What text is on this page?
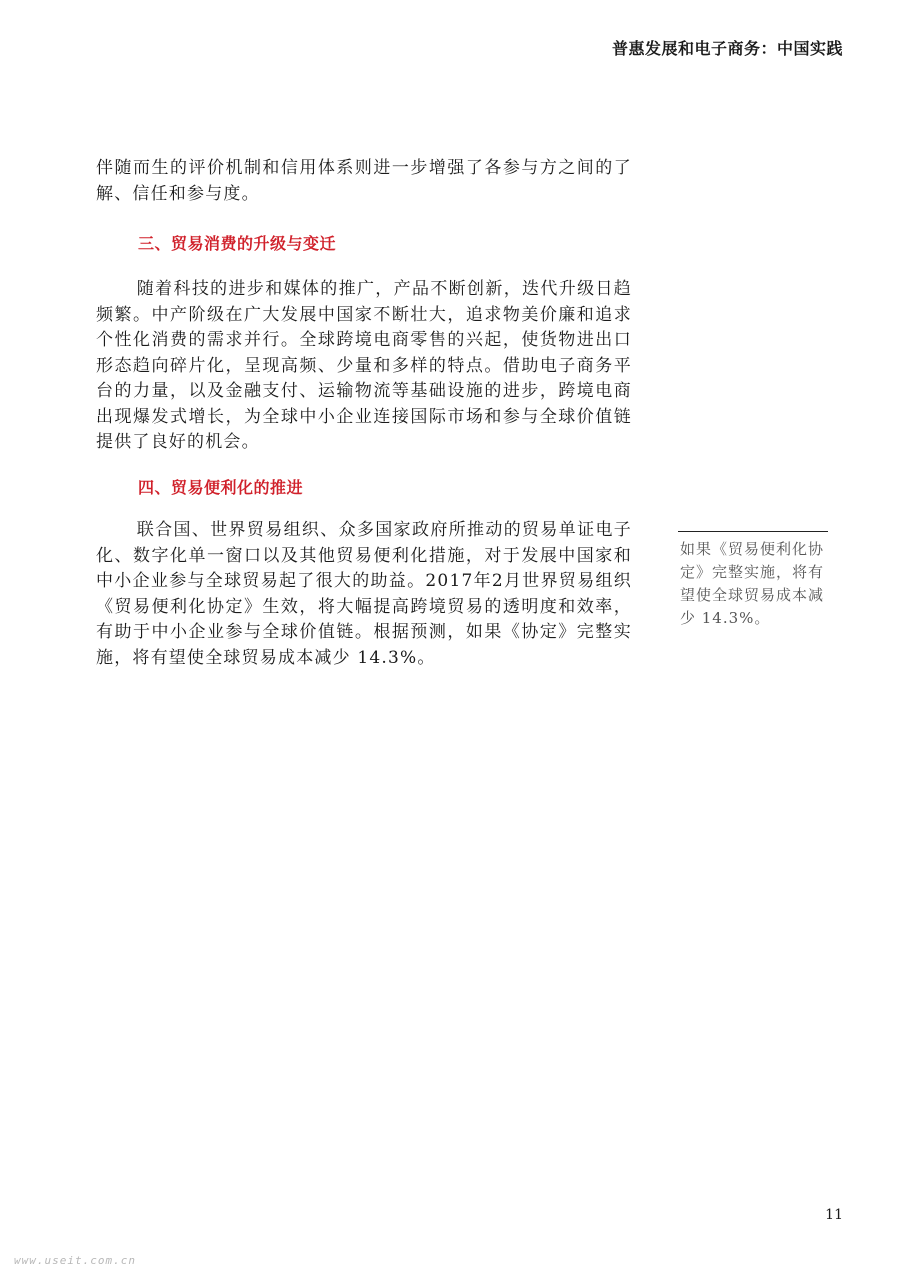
普惠发展和电子商务：中国实践

伴随而生的评价机制和信用体系则进一步增强了各参与方之间的了解、信任和参与度。

三、贸易消费的升级与变迁

随着科技的进步和媒体的推广，产品不断创新，迭代升级日趋频繁。中产阶级在广大发展中国家不断壮大，追求物美价廉和追求个性化消费的需求并行。全球跨境电商零售的兴起，使货物进出口形态趋向碎片化，呈现高频、少量和多样的特点。借助电子商务平台的力量，以及金融支付、运输物流等基础设施的进步，跨境电商出现爆发式增长，为全球中小企业连接国际市场和参与全球价值链提供了良好的机会。

四、贸易便利化的推进

联合国、世界贸易组织、众多国家政府所推动的贸易单证电子化、数字化单一窗口以及其他贸易便利化措施，对于发展中国家和中小企业参与全球贸易起了很大的助益。2017年2月世界贸易组织《贸易便利化协定》生效，将大幅提高跨境贸易的透明度和效率，有助于中小企业参与全球价值链。根据预测，如果《协定》完整实施，将有望使全球贸易成本减少 14.3%。

如果《贸易便利化协定》完整实施，将有望使全球贸易成本减少 14.3%。

11
www.useit.com.cn
